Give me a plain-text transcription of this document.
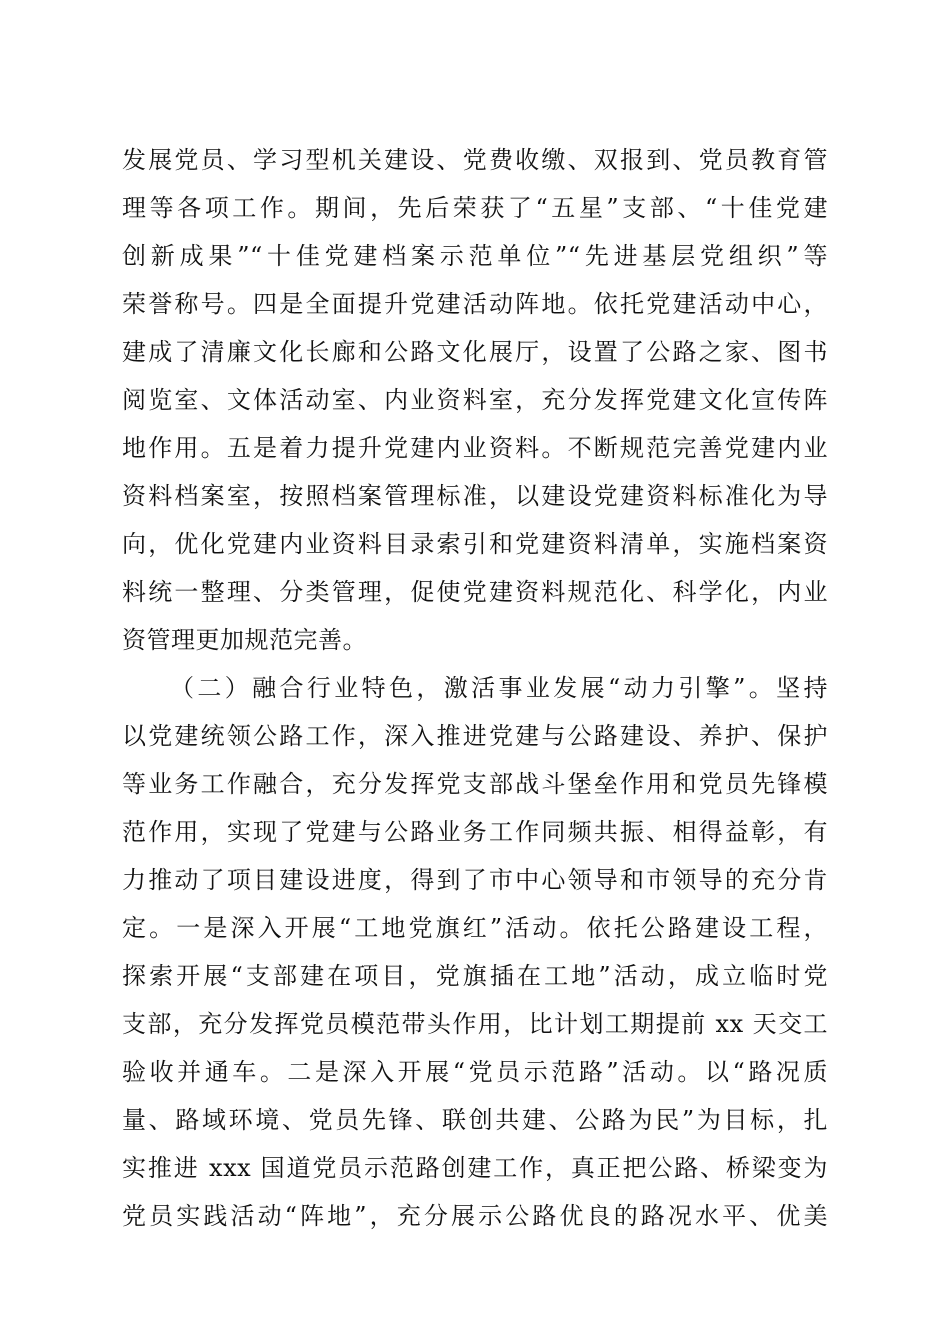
发展党员、学习型机关建设、党费收缴、双报到、党员教育管
理等各项工作。期间，先后荣获了“五星”支部、“十佳党建
创新成果”“十佳党建档案示范单位”“先进基层党组织”等
荣誉称号。四是全面提升党建活动阵地。依托党建活动中心，
建成了清廉文化长廊和公路文化展厅，设置了公路之家、图书
阅览室、文体活动室、内业资料室，充分发挥党建文化宣传阵
地作用。五是着力提升党建内业资料。不断规范完善党建内业
资料档案室，按照档案管理标准，以建设党建资料标准化为导
向，优化党建内业资料目录索引和党建资料清单，实施档案资
料统一整理、分类管理，促使党建资料规范化、科学化，内业
资管理更加规范完善。
（二）融合行业特色，激活事业发展“动力引擎”。坚持
以党建统领公路工作，深入推进党建与公路建设、养护、保护
等业务工作融合，充分发挥党支部战斗堡垒作用和党员先锋模
范作用，实现了党建与公路业务工作同频共振、相得益彰，有
力推动了项目建设进度，得到了市中心领导和市领导的充分肯
定。一是深入开展“工地党旗红”活动。依托公路建设工程，
探索开展“支部建在项目，党旗插在工地”活动，成立临时党
支部，充分发挥党员模范带头作用，比计划工期提前 xx 天交工
验收并通车。二是深入开展“党员示范路”活动。以“路况质
量、路域环境、党员先锋、联创共建、公路为民”为目标，扎
实推进 xxx 国道党员示范路创建工作，真正把公路、桥梁变为
党员实践活动“阵地”，充分展示公路优良的路况水平、优美
